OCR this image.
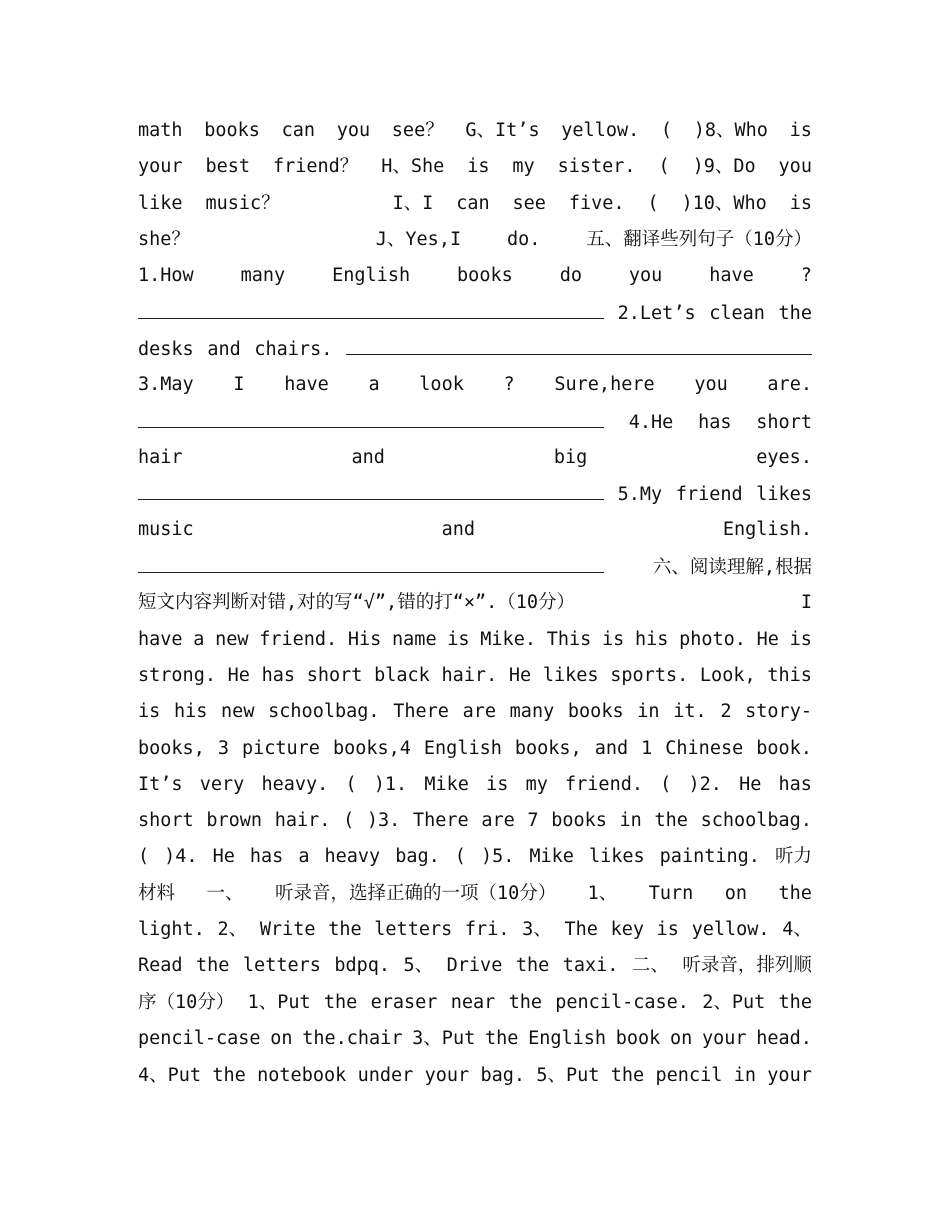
math books can you see？ G、It’s yellow. ( )8、Who is
your best friend？ H、She is my sister. ( )9、Do you
like music？	I、I can see five. ( )10、Who is
she？	J、Yes,I do. 五、翻译些列句子（10分）
1.How	many	English	books	do	you	have	?
2.Let’s clean the
desks and chairs.
3.May I have a look ? Sure,here you are.
4.He has short
hair	and	big	eyes.
5.My friend likes
music	and	English.
六、阅读理解,根据
短文内容判断对错,对的写“√”,错的打“×”.（10分）	I
have a new friend. His name is Mike. This is his photo. He is
strong. He has short black hair. He likes sports. Look, this
is his new schoolbag. There are many books in it. 2 story-
books, 3 picture books,4 English books, and 1 Chinese book.
It’s very heavy. ( )1. Mike is my friend. ( )2. He has
short brown hair. ( )3. There are 7 books in the schoolbag.
( )4. He has a heavy bag. ( )5. Mike likes painting. 听力
材料 一、 听录音，选择正确的一项（10分） 1、 Turn on the
light. 2、 Write the letters fri. 3、 The key is yellow. 4、
Read the letters bdpq. 5、 Drive the taxi. 二、 听录音，排列顺
序（10分） 1、Put the eraser near the pencil-case. 2、Put the
pencil-case on the.chair 3、Put the English book on your head.
4、Put the notebook under your bag. 5、Put the pencil in your
